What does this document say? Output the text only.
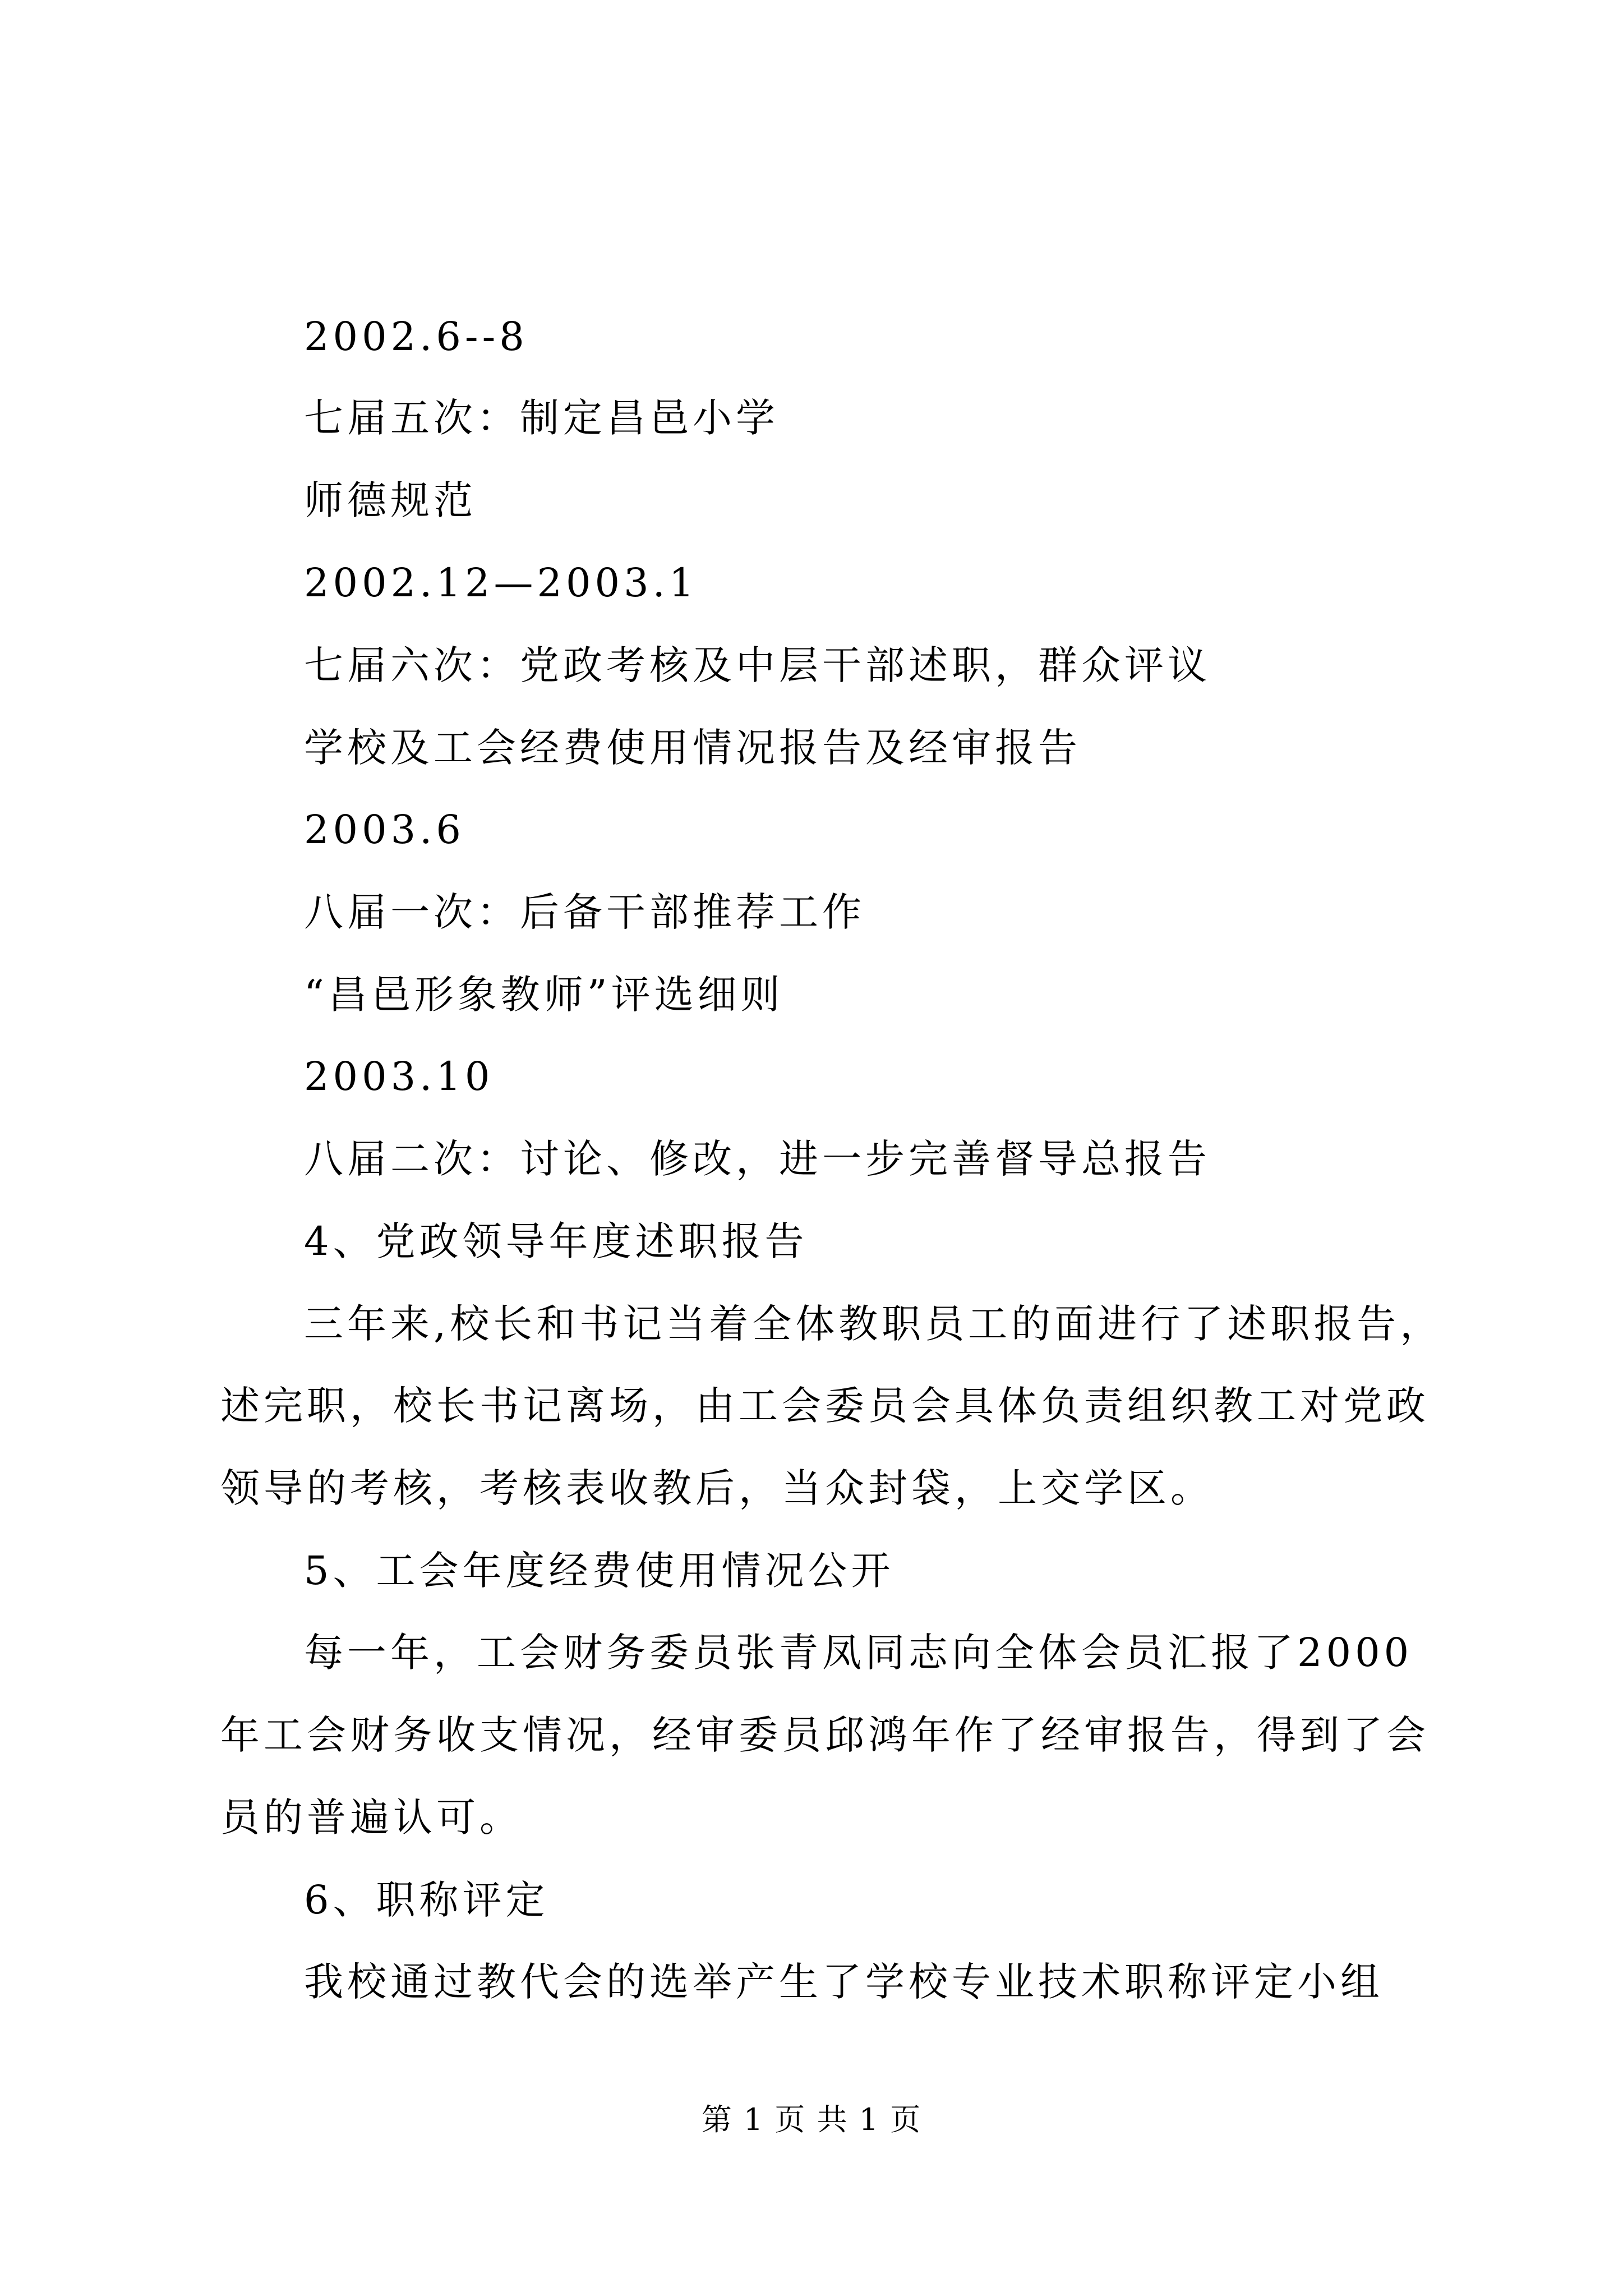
2002.6--8
七届五次：制定昌邑小学
师德规范
2002.12—2003.1
七届六次：党政考核及中层干部述职，群众评议
学校及工会经费使用情况报告及经审报告
2003.6
八届一次：后备干部推荐工作
“昌邑形象教师”评选细则
2003.10
八届二次：讨论、修改，进一步完善督导总报告
4、党政领导年度述职报告
三年来,校长和书记当着全体教职员工的面进行了述职报告，
述完职，校长书记离场，由工会委员会具体负责组织教工对党政
领导的考核，考核表收教后，当众封袋，上交学区。
5、工会年度经费使用情况公开
每一年，工会财务委员张青凤同志向全体会员汇报了2000
年工会财务收支情况，经审委员邱鸿年作了经审报告，得到了会
员的普遍认可。
6、职称评定
我校通过教代会的选举产生了学校专业技术职称评定小组
第 1 页 共 1 页
